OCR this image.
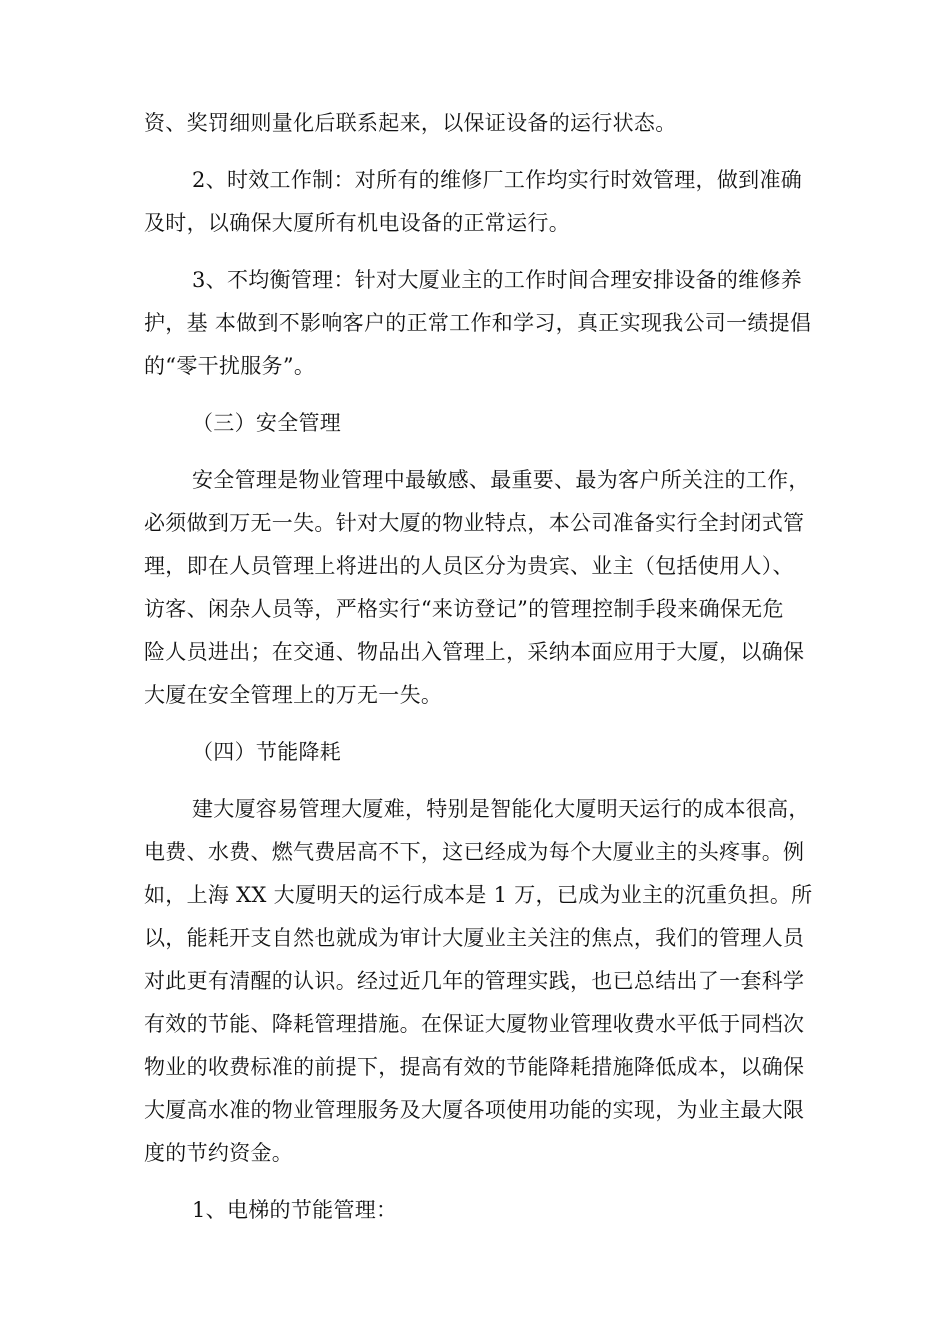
资、奖罚细则量化后联系起来，以保证设备的运行状态。

2、时效工作制：对所有的维修厂工作均实行时效管理，做到准确

及时，以确保大厦所有机电设备的正常运行。

3、不均衡管理：针对大厦业主的工作时间合理安排设备的维修养

护，基 本做到不影响客户的正常工作和学习，真正实现我公司一绩提倡

的“零干扰服务”。

（三）安全管理

安全管理是物业管理中最敏感、最重要、最为客户所关注的工作，

必须做到万无一失。针对大厦的物业特点，本公司准备实行全封闭式管

理，即在人员管理上将进出的人员区分为贵宾、业主（包括使用人）、

访客、闲杂人员等，严格实行“来访登记”的管理控制手段来确保无危

险人员进出；在交通、物品出入管理上，采纳本面应用于大厦，以确保

大厦在安全管理上的万无一失。

（四）节能降耗

建大厦容易管理大厦难，特别是智能化大厦明天运行的成本很高，

电费、水费、燃气费居高不下，这已经成为每个大厦业主的头疼事。例

如，上海 XX 大厦明天的运行成本是 1 万，已成为业主的沉重负担。所

以，能耗开支自然也就成为审计大厦业主关注的焦点，我们的管理人员

对此更有清醒的认识。经过近几年的管理实践，也已总结出了一套科学

有效的节能、降耗管理措施。在保证大厦物业管理收费水平低于同档次

物业的收费标准的前提下，提高有效的节能降耗措施降低成本，以确保

大厦高水准的物业管理服务及大厦各项使用功能的实现，为业主最大限

度的节约资金。

1、电梯的节能管理：
